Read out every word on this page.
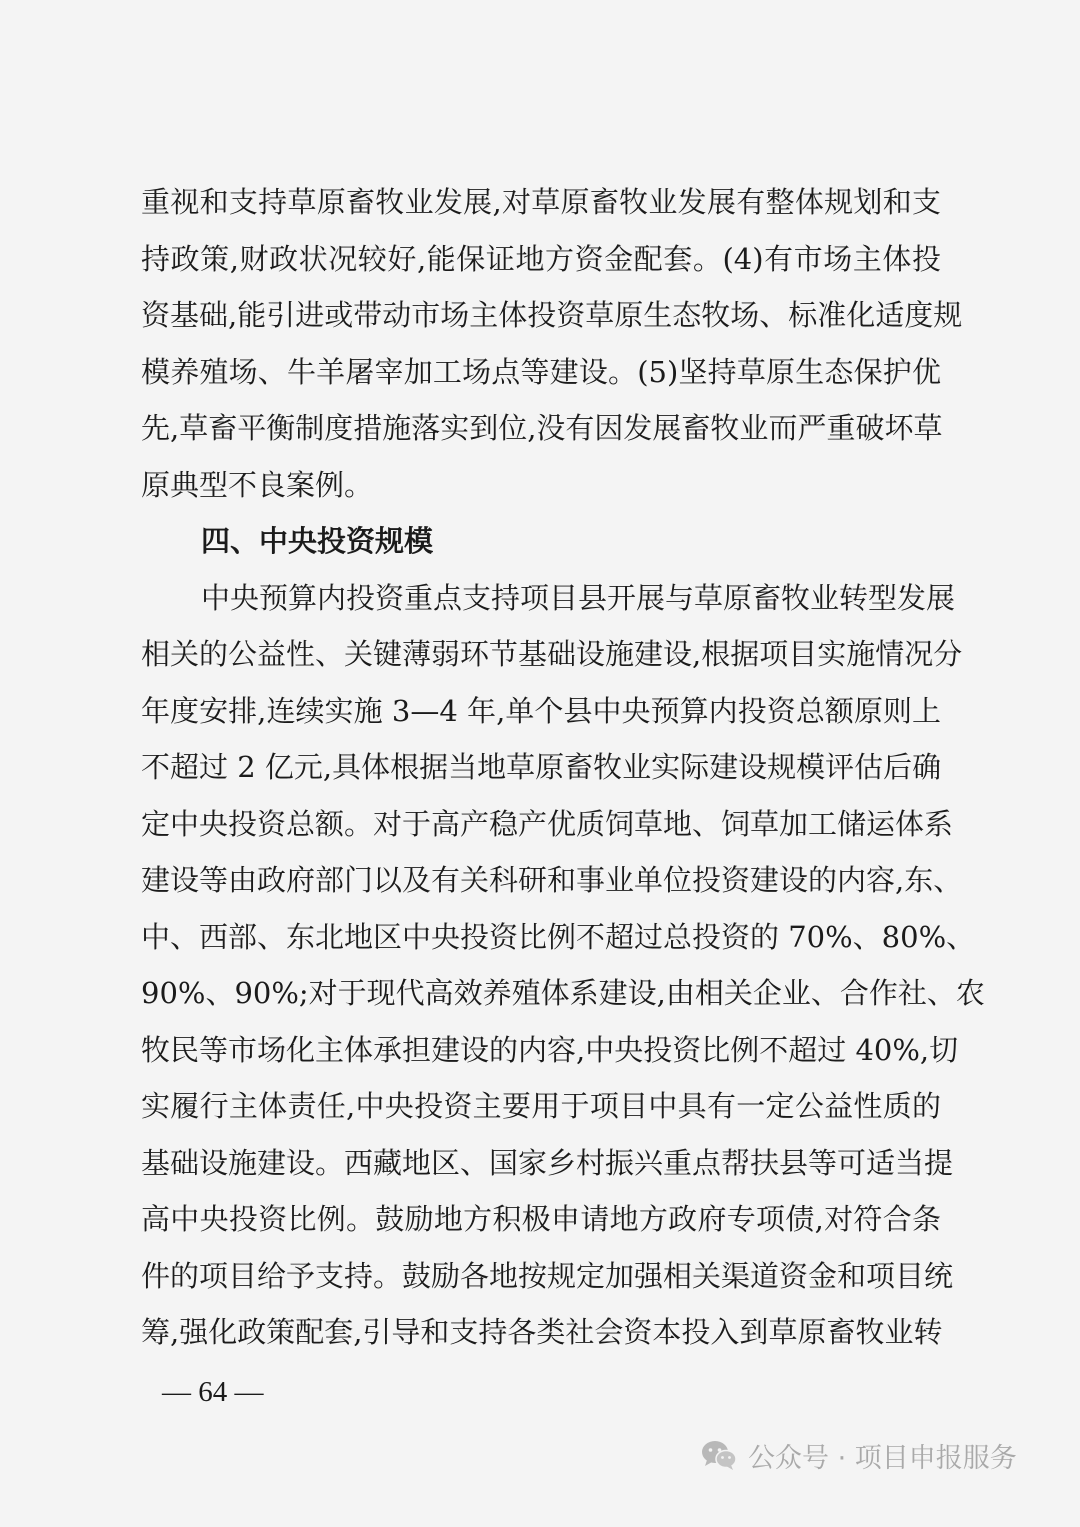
重视和支持草原畜牧业发展,对草原畜牧业发展有整体规划和支
持政策,财政状况较好,能保证地方资金配套。(4)有市场主体投
资基础,能引进或带动市场主体投资草原生态牧场、标准化适度规
模养殖场、牛羊屠宰加工场点等建设。(5)坚持草原生态保护优
先,草畜平衡制度措施落实到位,没有因发展畜牧业而严重破坏草
原典型不良案例。
四、中央投资规模
中央预算内投资重点支持项目县开展与草原畜牧业转型发展
相关的公益性、关键薄弱环节基础设施建设,根据项目实施情况分
年度安排,连续实施 3—4 年,单个县中央预算内投资总额原则上
不超过 2 亿元,具体根据当地草原畜牧业实际建设规模评估后确
定中央投资总额。对于高产稳产优质饲草地、饲草加工储运体系
建设等由政府部门以及有关科研和事业单位投资建设的内容,东、
中、西部、东北地区中央投资比例不超过总投资的 70%、80%、
90%、90%;对于现代高效养殖体系建设,由相关企业、合作社、农
牧民等市场化主体承担建设的内容,中央投资比例不超过 40%,切
实履行主体责任,中央投资主要用于项目中具有一定公益性质的
基础设施建设。西藏地区、国家乡村振兴重点帮扶县等可适当提
高中央投资比例。鼓励地方积极申请地方政府专项债,对符合条
件的项目给予支持。鼓励各地按规定加强相关渠道资金和项目统
筹,强化政策配套,引导和支持各类社会资本投入到草原畜牧业转
— 64 —
公众号 · 项目申报服务
